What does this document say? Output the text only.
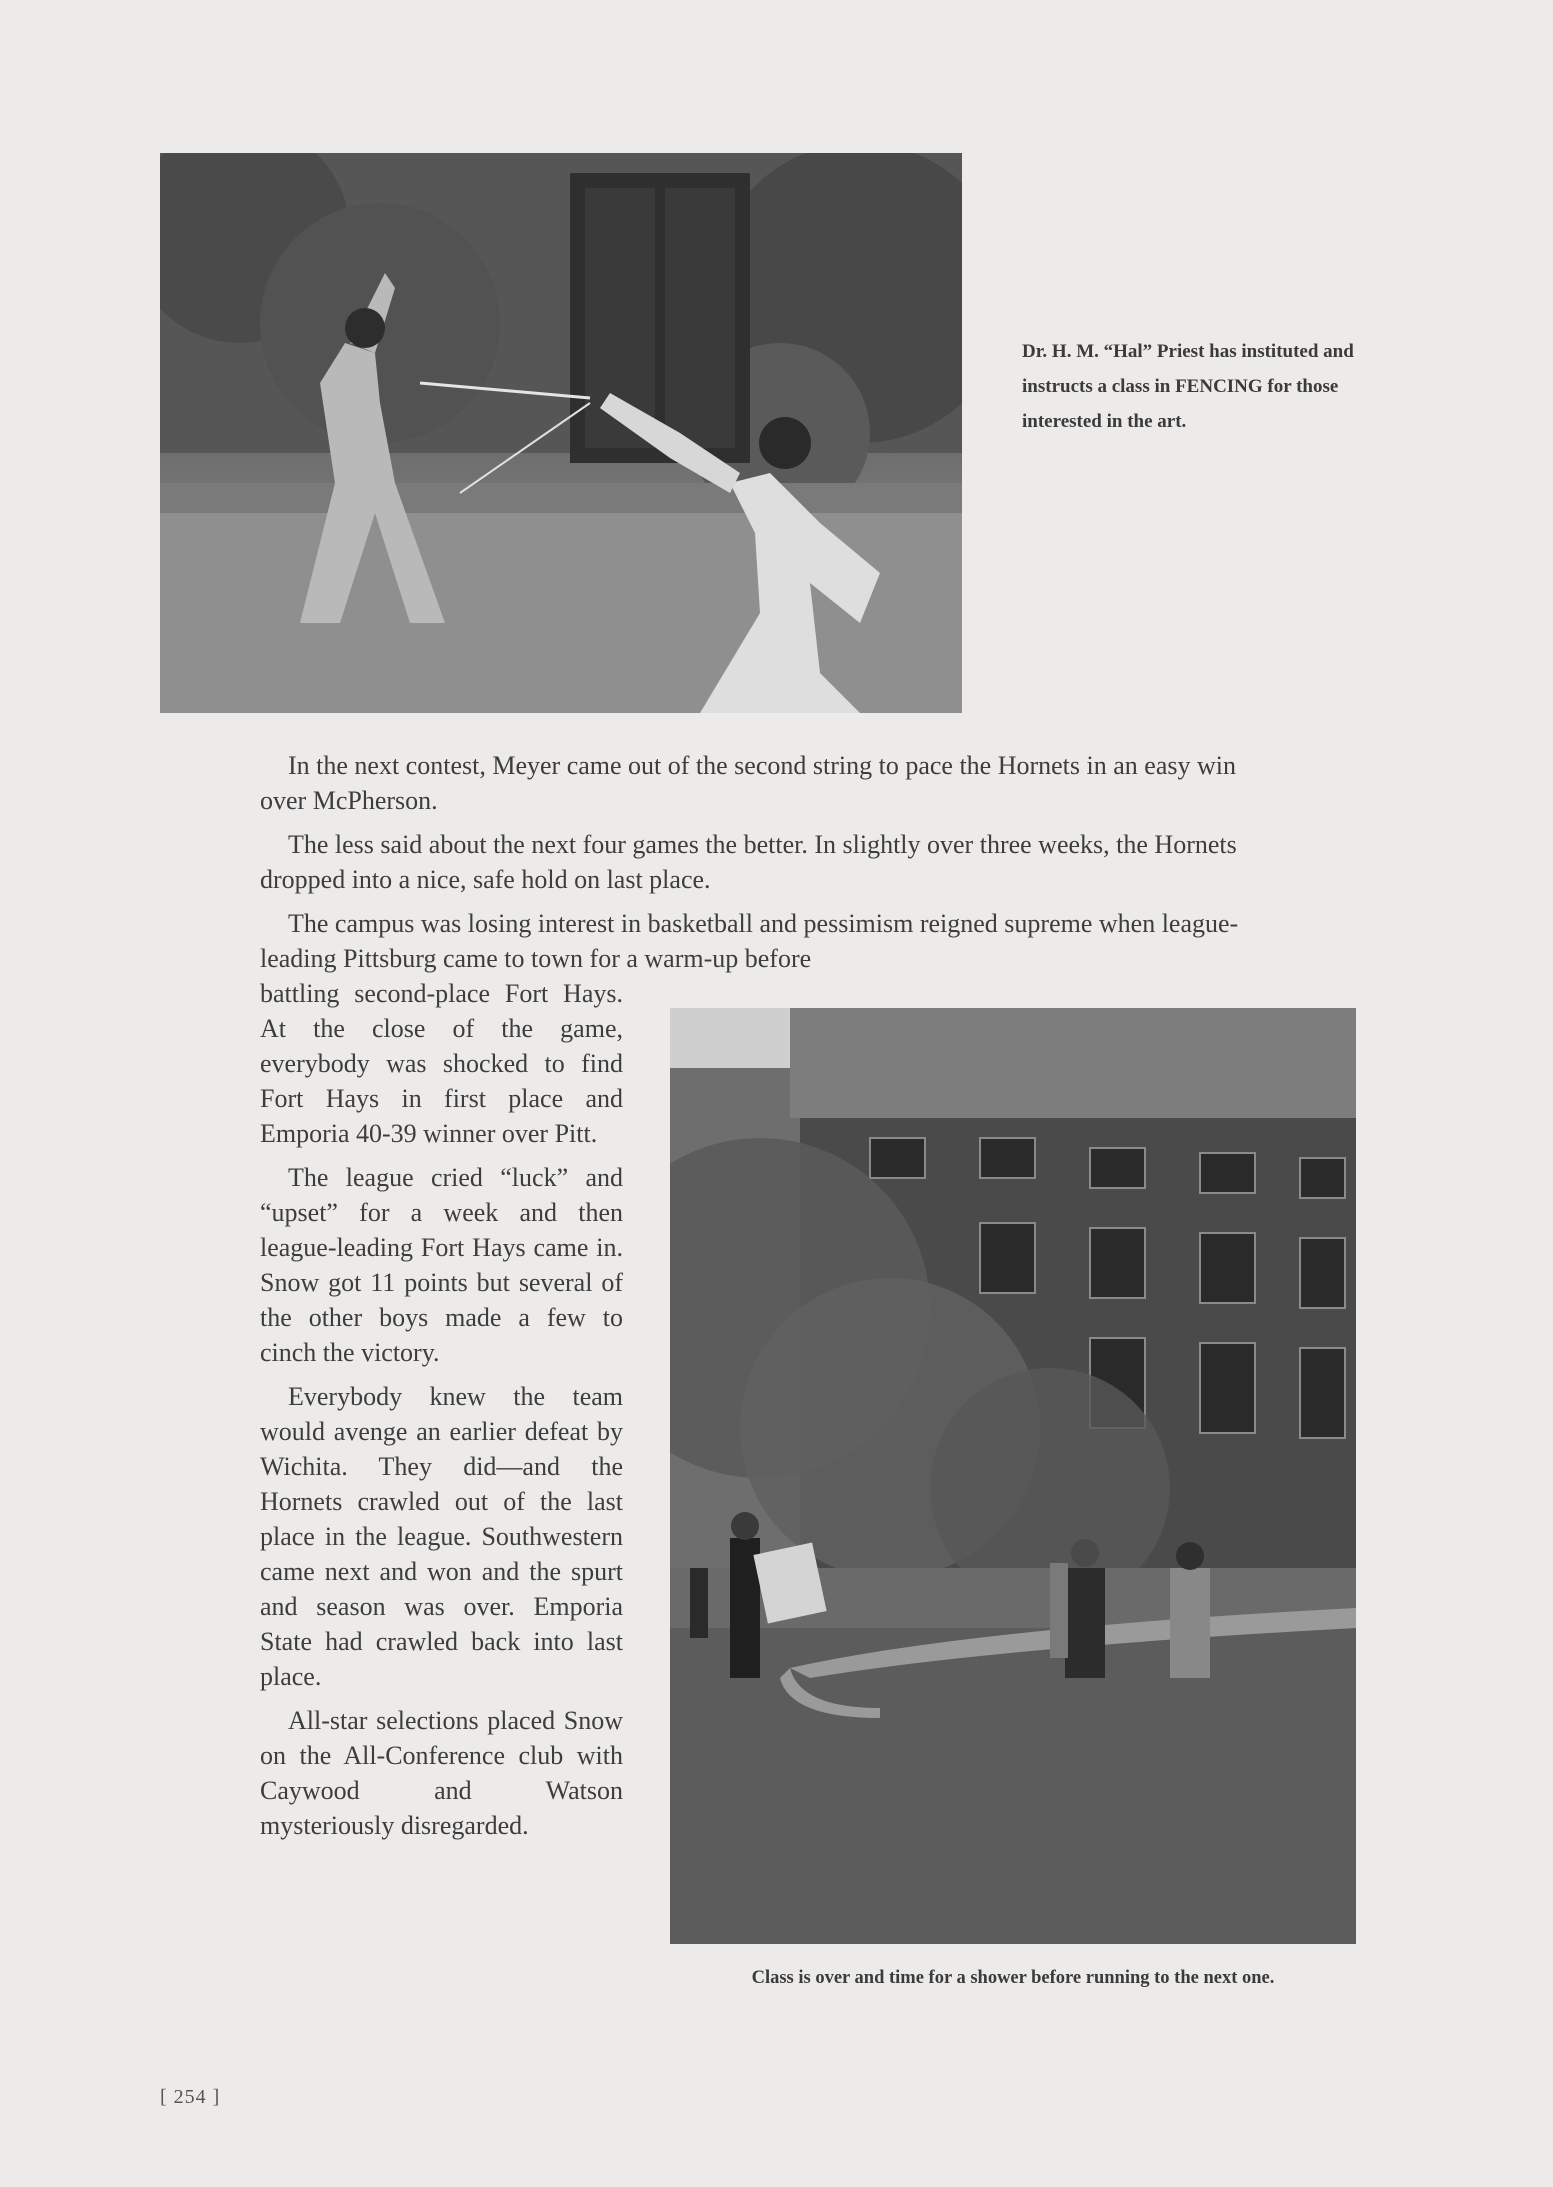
Dr. H. M. “Hal” Priest has instituted and instructs a class in FENCING for those interested in the art.

In the next contest, Meyer came out of the second string to pace the Hornets in an easy win over McPherson.

The less said about the next four games the better. In slightly over three weeks, the Hornets dropped into a nice, safe hold on last place.

The campus was losing interest in basketball and pessimism reigned supreme when league-leading Pittsburg came to town for a warm-up before

battling second-place Fort Hays. At the close of the game, everybody was shocked to find Fort Hays in first place and Emporia 40-39 winner over Pitt.

The league cried “luck” and “upset” for a week and then league-leading Fort Hays came in. Snow got 11 points but several of the other boys made a few to cinch the victory.

Everybody knew the team would avenge an earlier defeat by Wichita. They did—and the Hornets crawled out of the last place in the league. Southwestern came next and won and the spurt and season was over. Emporia State had crawled back into last place.

All-star selections placed Snow on the All-Conference club with Caywood and Watson mysteriously disregarded.

Class is over and time for a shower before running to the next one.
[ 254 ]
